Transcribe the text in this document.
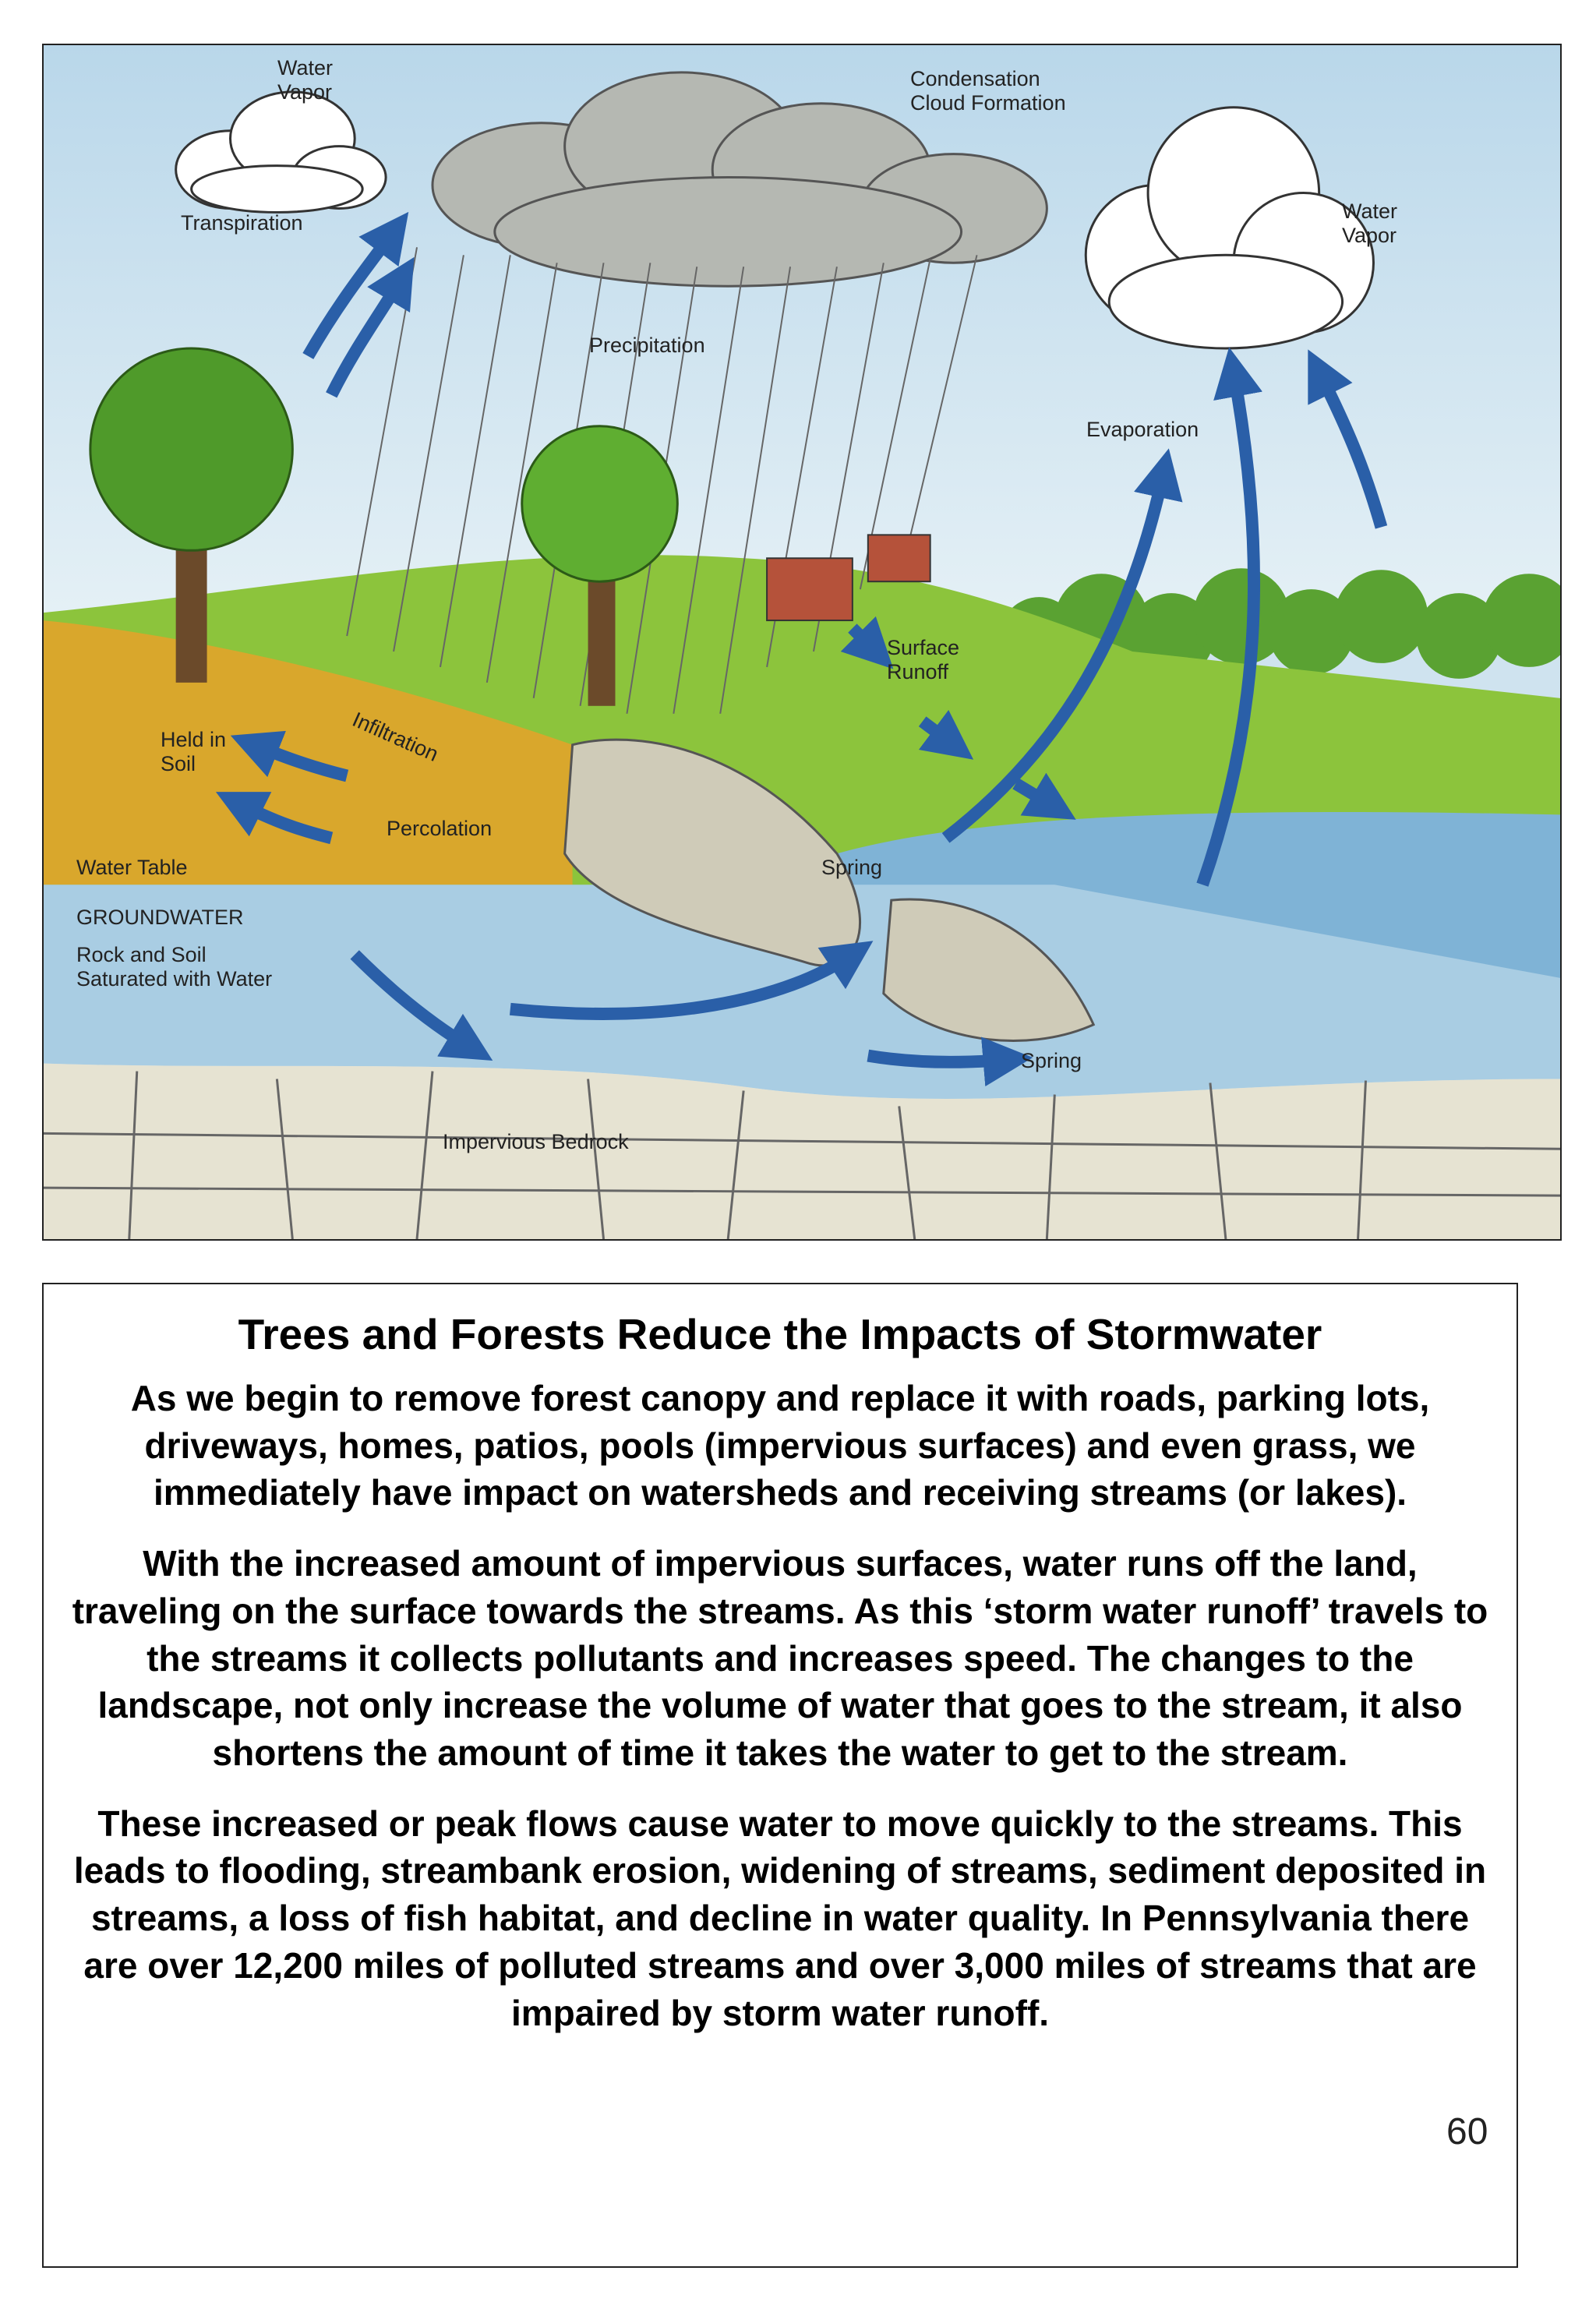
Water
Vapor
Transpiration
Condensation
Cloud Formation
Water
Vapor
Precipitation
Evaporation
Surface
Runoff
Held in
Soil	Infiltration
Percolation
Water Table
GROUNDWATER
Rock and Soil
Saturated with Water
Spring
Spring
Impervious Bedrock
Trees and Forests Reduce the Impacts of Stormwater

As we begin to remove forest canopy and replace it with roads, parking lots, driveways, homes, patios, pools (impervious surfaces) and even grass, we immediately have impact on watersheds and receiving streams (or lakes).

With the increased amount of impervious surfaces, water runs off the land, traveling on the surface towards the streams. As this ‘storm water runoff’ travels to the streams it collects pollutants and increases speed. The changes to the landscape, not only increase the volume of water that goes to the stream, it also shortens the amount of time it takes the water to get to the stream.

These increased or peak flows cause water to move quickly to the streams. This leads to flooding, streambank erosion, widening of streams, sediment deposited in streams, a loss of fish habitat, and decline in water quality. In Pennsylvania there are over 12,200 miles of polluted streams and over 3,000 miles of streams that are impaired by storm water runoff.

60
